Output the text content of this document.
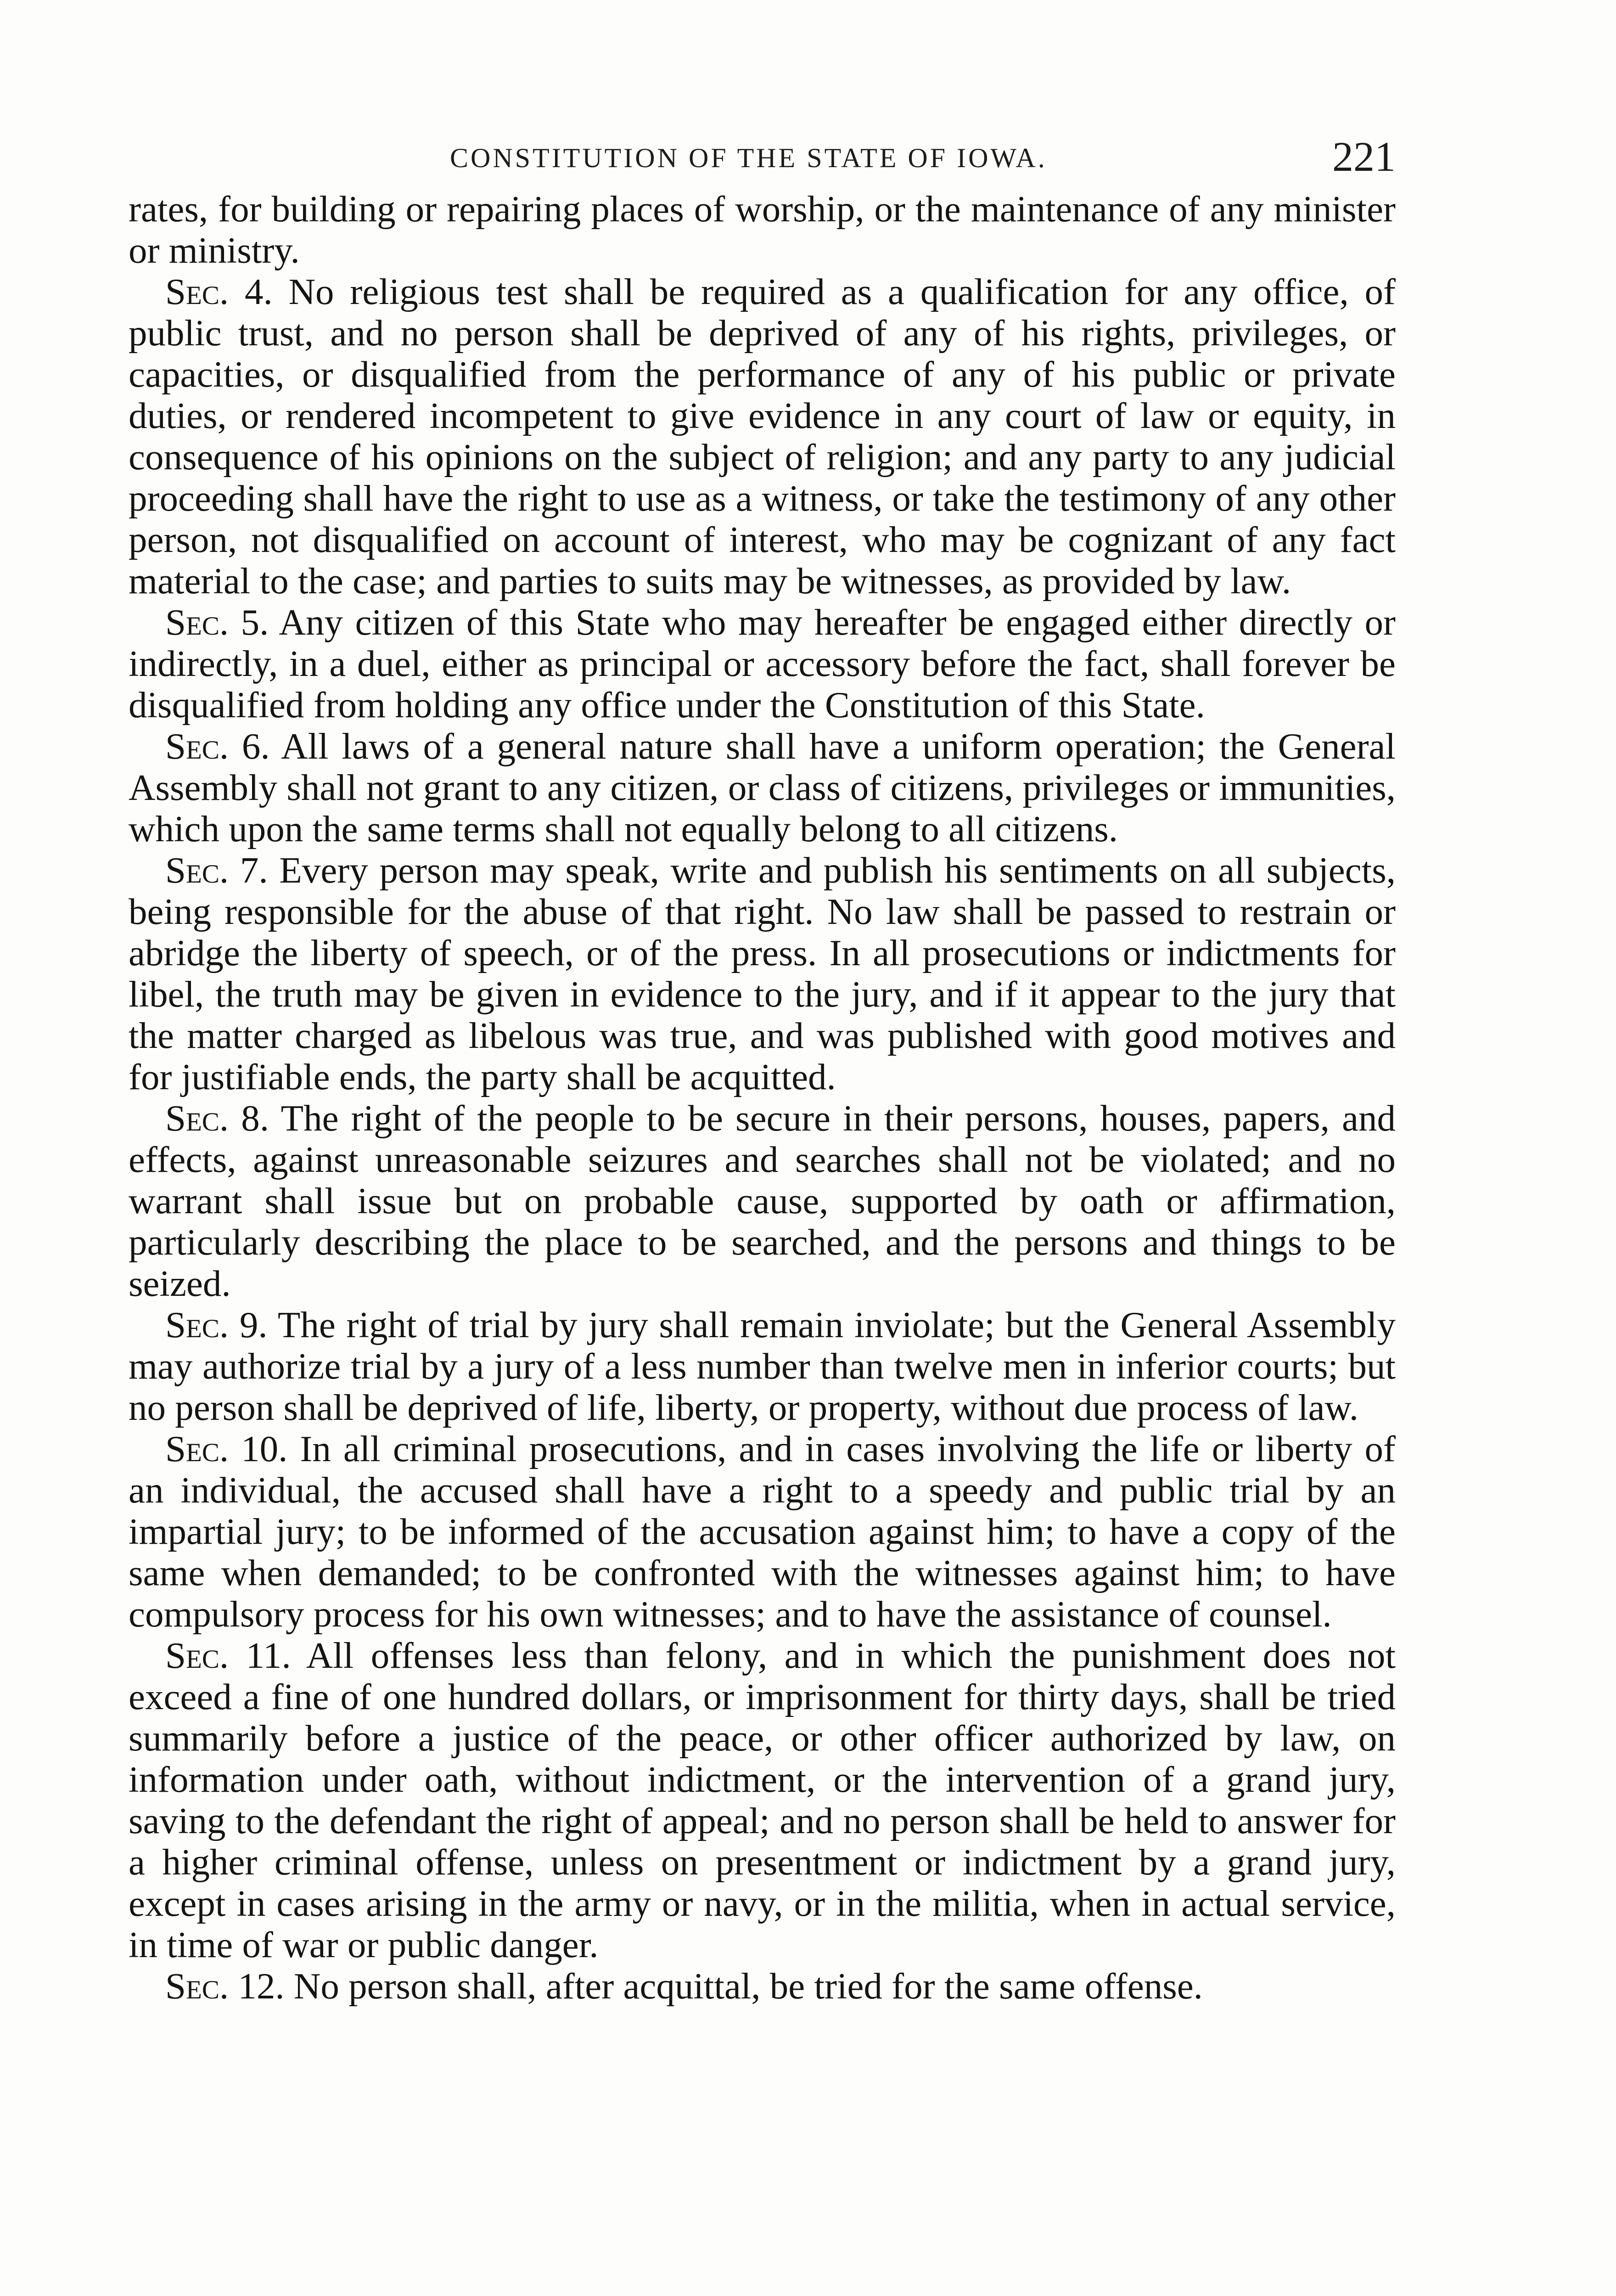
CONSTITUTION OF THE STATE OF IOWA.	221

rates, for building or repairing places of worship, or the maintenance of any minister or ministry.

Sec. 4. No religious test shall be required as a qualification for any office, of public trust, and no person shall be deprived of any of his rights, privileges, or capacities, or disqualified from the performance of any of his public or private duties, or rendered incompetent to give evidence in any court of law or equity, in consequence of his opinions on the subject of religion; and any party to any judicial proceeding shall have the right to use as a witness, or take the testimony of any other person, not disqualified on account of interest, who may be cognizant of any fact material to the case; and parties to suits may be witnesses, as provided by law.

Sec. 5. Any citizen of this State who may hereafter be engaged either directly or indirectly, in a duel, either as principal or accessory before the fact, shall forever be disqualified from holding any office under the Constitution of this State.

Sec. 6. All laws of a general nature shall have a uniform operation; the General Assembly shall not grant to any citizen, or class of citizens, privileges or immunities, which upon the same terms shall not equally belong to all citizens.

Sec. 7. Every person may speak, write and publish his sentiments on all subjects, being responsible for the abuse of that right. No law shall be passed to restrain or abridge the liberty of speech, or of the press. In all prosecutions or indictments for libel, the truth may be given in evidence to the jury, and if it appear to the jury that the matter charged as libelous was true, and was published with good motives and for justifiable ends, the party shall be acquitted.

Sec. 8. The right of the people to be secure in their persons, houses, papers, and effects, against unreasonable seizures and searches shall not be violated; and no warrant shall issue but on probable cause, supported by oath or affirmation, particularly describing the place to be searched, and the persons and things to be seized.

Sec. 9. The right of trial by jury shall remain inviolate; but the General Assembly may authorize trial by a jury of a less number than twelve men in inferior courts; but no person shall be deprived of life, liberty, or property, without due process of law.

Sec. 10. In all criminal prosecutions, and in cases involving the life or liberty of an individual, the accused shall have a right to a speedy and public trial by an impartial jury; to be informed of the accusation against him; to have a copy of the same when demanded; to be confronted with the witnesses against him; to have compulsory process for his own witnesses; and to have the assistance of counsel.

Sec. 11. All offenses less than felony, and in which the punishment does not exceed a fine of one hundred dollars, or imprisonment for thirty days, shall be tried summarily before a justice of the peace, or other officer authorized by law, on information under oath, without indictment, or the intervention of a grand jury, saving to the defendant the right of appeal; and no person shall be held to answer for a higher criminal offense, unless on presentment or indictment by a grand jury, except in cases arising in the army or navy, or in the militia, when in actual service, in time of war or public danger.

Sec. 12. No person shall, after acquittal, be tried for the same offense.
